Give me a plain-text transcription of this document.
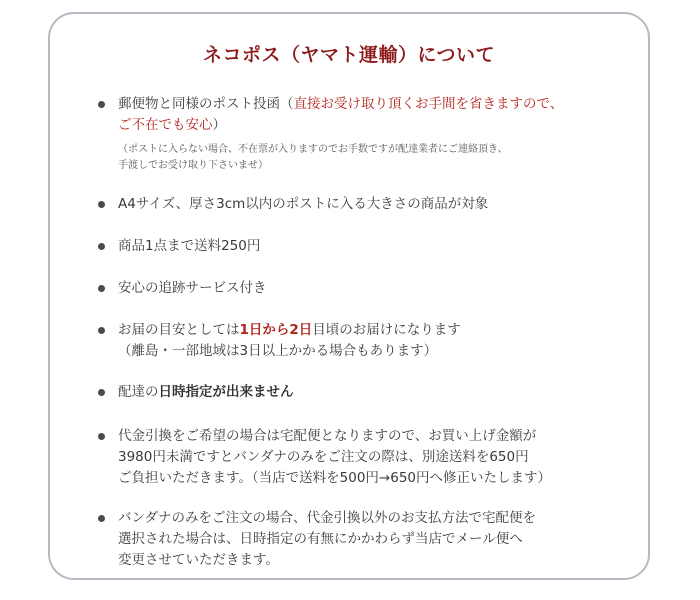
ネコポス（ヤマト運輸）について
郵便物と同様のポスト投函（直接お受け取り頂くお手間を省きますので、
ご不在でも安心）
（ポストに入らない場合、不在票が入りますのでお手数ですが配達業者にご連絡頂き、
手渡しでお受け取り下さいませ）
A4サイズ、厚さ3cm以内のポストに入る大きさの商品が対象
商品1点まで送料250円
安心の追跡サービス付き
お届の目安としては1日から2日目頃のお届けになります
（離島・一部地域は3日以上かかる場合もあります）
配達の日時指定が出来ません
代金引換をご希望の場合は宅配便となりますので、お買い上げ金額が
3980円未満ですとバンダナのみをご注文の際は、別途送料を650円
ご負担いただきます。（当店で送料を500円→650円へ修正いたします）
バンダナのみをご注文の場合、代金引換以外のお支払方法で宅配便を
選択された場合は、日時指定の有無にかかわらず当店でメール便へ
変更させていただきます。
